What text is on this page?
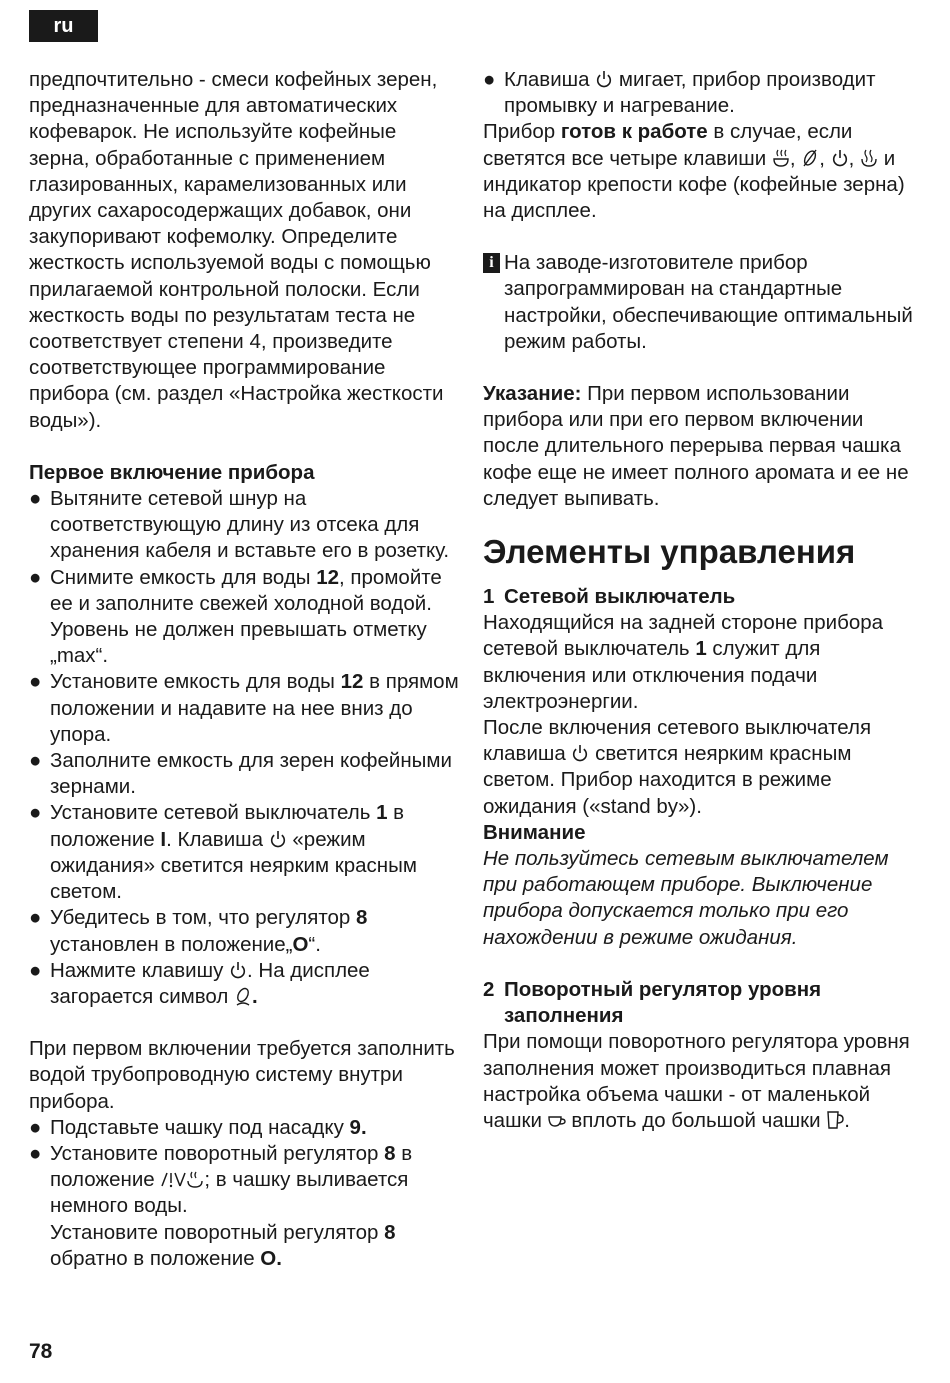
ru

предпочтительно - смеси кофейных зерен, предназначенные для автоматических кофеварок. Не используйте кофейные зерна, обработанные с применением глазированных, карамелизованных или других сахаросодержащих добавок, они закупоривают кофемолку. Определите жесткость используемой воды с помощью прилагаемой контрольной полоски. Если жесткость воды по результатам теста не соответствует степени 4, произведите соответствующее программирование прибора (см. раздел «Настройка жесткости воды»).

Первое включение прибора

● Вытяните сетевой шнур на соответствующую длину из отсека для хранения кабеля и вставьте его в розетку.
● Снимите емкость для воды 12, промойте ее и заполните свежей холодной водой. Уровень не должен превышать отметку „max“.
● Установите емкость для воды 12 в прямом положении и надавите на нее вниз до упора.
● Заполните емкость для зерен кофейными зернами.
● Установите сетевой выключатель 1 в положение I. Клавиша
«режим ожидания» светится неярким красным светом.
● Убедитесь в том, что регулятор 8 установлен в положение„O“.
● Нажмите клавишу
. На дисплее загорается символ
.

При первом включении требуется заполнить водой трубопроводную систему внутри прибора.

● Подставьте чашку под насадку 9.
● Установите поворотный регулятор 8 в положение
; в чашку выливается немного воды.
Установите поворотный регулятор 8 обратно в положение O.
● Клавиша
мигает, прибор производит промывку и нагревание.

Прибор готов к работе в случае, если светятся все четыре клавиши
, , ,
и индикатор крепости кофе (кофейные зерна) на дисплее.

i На заводе-изготовителе прибор запрограммирован на стандартные настройки, обеспечивающие оптимальный режим работы.

Указание: При первом использовании прибора или при его первом включении после длительного перерыва первая чашка кофе еще не имеет полного аромата и ее не следует выпивать.

Элементы управления
1 Сетевой выключатель

Находящийся на задней стороне прибора сетевой выключатель 1 служит для включения или отключения подачи электроэнергии.

После включения сетевого выключателя клавиша
светится неярким красным светом. Прибор находится в режиме ожидания («stand by»).

Внимание

Не пользуйтесь сетевым выключателем при работающем приборе. Выключение прибора допускается только при его нахождении в режиме ожидания.

2 Поворотный регулятор уровня заполнения

При помощи поворотного регулятора уровня заполнения может производиться плавная настройка объема чашки - от маленькой чашки
вплоть до большой чашки
.

78
